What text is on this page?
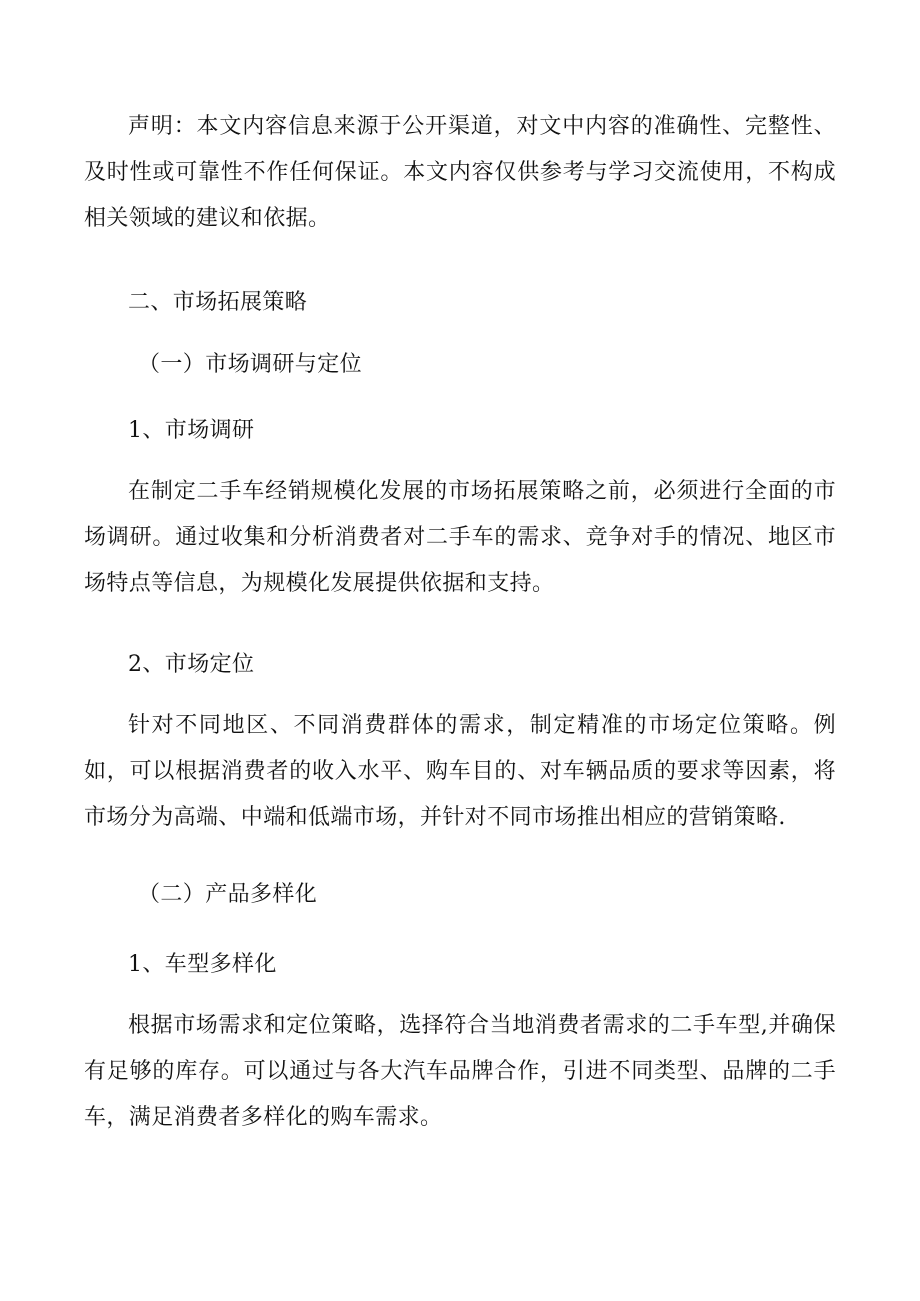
声明：本文内容信息来源于公开渠道，对文中内容的准确性、完整性、及时性或可靠性不作任何保证。本文内容仅供参考与学习交流使用，不构成相关领域的建议和依据。

二、市场拓展策略

（一）市场调研与定位

1、市场调研

在制定二手车经销规模化发展的市场拓展策略之前，必须进行全面的市场调研。通过收集和分析消费者对二手车的需求、竞争对手的情况、地区市场特点等信息，为规模化发展提供依据和支持。

2、市场定位

针对不同地区、不同消费群体的需求，制定精准的市场定位策略。例如，可以根据消费者的收入水平、购车目的、对车辆品质的要求等因素，将市场分为高端、中端和低端市场，并针对不同市场推出相应的营销策略.

（二）产品多样化

1、车型多样化

根据市场需求和定位策略，选择符合当地消费者需求的二手车型,并确保有足够的库存。可以通过与各大汽车品牌合作，引进不同类型、品牌的二手车，满足消费者多样化的购车需求。
